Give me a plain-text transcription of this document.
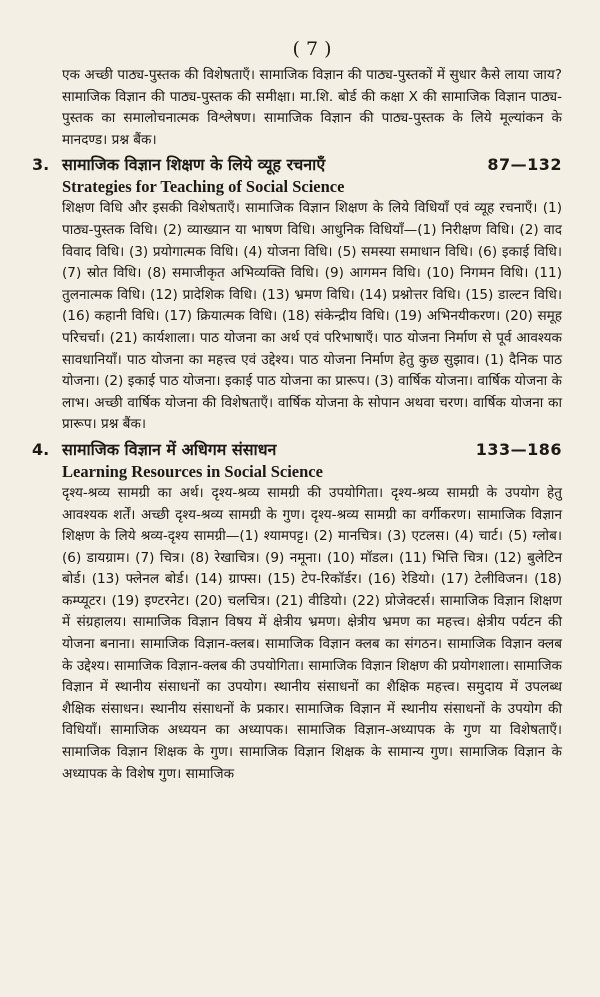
( 7 )

एक अच्छी पाठ्य-पुस्तक की विशेषताएँ। सामाजिक विज्ञान की पाठ्य-पुस्तकों में सुधार कैसे लाया जाय? सामाजिक विज्ञान की पाठ्य-पुस्तक की समीक्षा। मा.शि. बोर्ड की कक्षा X की सामाजिक विज्ञान पाठ्य-पुस्तक का समालोचनात्मक विश्लेषण। सामाजिक विज्ञान की पाठ्य-पुस्तक के लिये मूल्यांकन के मानदण्ड। प्रश्न बैंक।

3. सामाजिक विज्ञान शिक्षण के लिये व्यूह रचनाएँ	87—132
Strategies for Teaching of Social Science

शिक्षण विधि और इसकी विशेषताएँ। सामाजिक विज्ञान शिक्षण के लिये विधियाँ एवं व्यूह रचनाएँ। (1) पाठ्य-पुस्तक विधि। (2) व्याख्यान या भाषण विधि। आधुनिक विधियाँ—(1) निरीक्षण विधि। (2) वाद विवाद विधि। (3) प्रयोगात्मक विधि। (4) योजना विधि। (5) समस्या समाधान विधि। (6) इकाई विधि। (7) स्रोत विधि। (8) समाजीकृत अभिव्यक्ति विधि। (9) आगमन विधि। (10) निगमन विधि। (11) तुलनात्मक विधि। (12) प्रादेशिक विधि। (13) भ्रमण विधि। (14) प्रश्नोत्तर विधि। (15) डाल्टन विधि। (16) कहानी विधि। (17) क्रियात्मक विधि। (18) संकेन्द्रीय विधि। (19) अभिनयीकरण। (20) समूह परिचर्चा। (21) कार्यशाला। पाठ योजना का अर्थ एवं परिभाषाएँ। पाठ योजना निर्माण से पूर्व आवश्यक सावधानियाँ। पाठ योजना का महत्त्व एवं उद्देश्य। पाठ योजना निर्माण हेतु कुछ सुझाव। (1) दैनिक पाठ योजना। (2) इकाई पाठ योजना। इकाई पाठ योजना का प्रारूप। (3) वार्षिक योजना। वार्षिक योजना के लाभ। अच्छी वार्षिक योजना की विशेषताएँ। वार्षिक योजना के सोपान अथवा चरण। वार्षिक योजना का प्रारूप। प्रश्न बैंक।

4. सामाजिक विज्ञान में अधिगम संसाधन	133—186
Learning Resources in Social Science

दृश्य-श्रव्य सामग्री का अर्थ। दृश्य-श्रव्य सामग्री की उपयोगिता। दृश्य-श्रव्य सामग्री के उपयोग हेतु आवश्यक शर्तें। अच्छी दृश्य-श्रव्य सामग्री के गुण। दृश्य-श्रव्य सामग्री का वर्गीकरण। सामाजिक विज्ञान शिक्षण के लिये श्रव्य-दृश्य सामग्री—(1) श्यामपट्ट। (2) मानचित्र। (3) एटलस। (4) चार्ट। (5) ग्लोब। (6) डायग्राम। (7) चित्र। (8) रेखाचित्र। (9) नमूना। (10) मॉडल। (11) भित्ति चित्र। (12) बुलेटिन बोर्ड। (13) फ्लेनल बोर्ड। (14) ग्राफ्स। (15) टेप-रिकॉर्डर। (16) रेडियो। (17) टेलीविजन। (18) कम्प्यूटर। (19) इण्टरनेट। (20) चलचित्र। (21) वीडियो। (22) प्रोजेक्टर्स। सामाजिक विज्ञान शिक्षण में संग्रहालय। सामाजिक विज्ञान विषय में क्षेत्रीय भ्रमण। क्षेत्रीय भ्रमण का महत्त्व। क्षेत्रीय पर्यटन की योजना बनाना। सामाजिक विज्ञान-क्लब। सामाजिक विज्ञान क्लब का संगठन। सामाजिक विज्ञान क्लब के उद्देश्य। सामाजिक विज्ञान-क्लब की उपयोगिता। सामाजिक विज्ञान शिक्षण की प्रयोगशाला। सामाजिक विज्ञान में स्थानीय संसाधनों का उपयोग। स्थानीय संसाधनों का शैक्षिक महत्त्व। समुदाय में उपलब्ध शैक्षिक संसाधन। स्थानीय संसाधनों के प्रकार। सामाजिक विज्ञान में स्थानीय संसाधनों के उपयोग की विधियाँ। सामाजिक अध्ययन का अध्यापक। सामाजिक विज्ञान-अध्यापक के गुण या विशेषताएँ। सामाजिक विज्ञान शिक्षक के गुण। सामाजिक विज्ञान शिक्षक के सामान्य गुण। सामाजिक विज्ञान के अध्यापक के विशेष गुण। सामाजिक
